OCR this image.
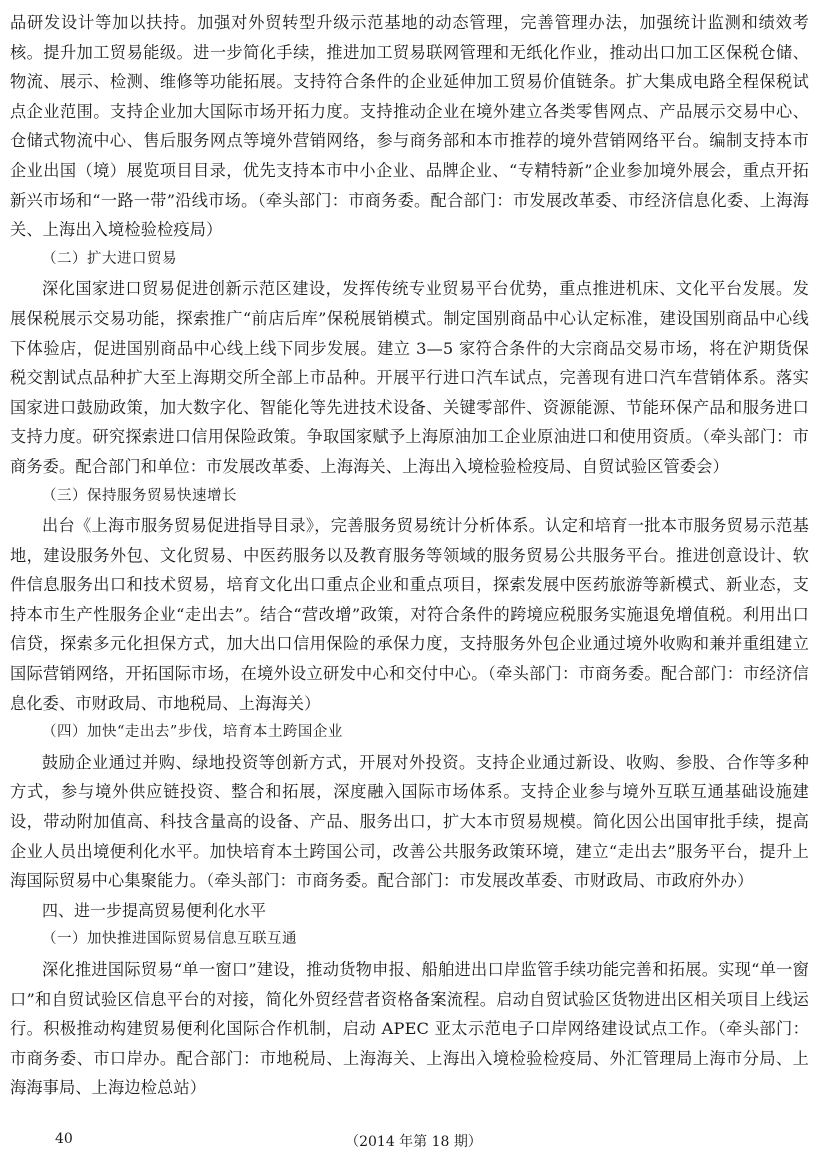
品研发设计等加以扶持。加强对外贸转型升级示范基地的动态管理，完善管理办法，加强统计监测和绩效考核。提升加工贸易能级。进一步简化手续，推进加工贸易联网管理和无纸化作业，推动出口加工区保税仓储、物流、展示、检测、维修等功能拓展。支持符合条件的企业延伸加工贸易价值链条。扩大集成电路全程保税试点企业范围。支持企业加大国际市场开拓力度。支持推动企业在境外建立各类零售网点、产品展示交易中心、仓储式物流中心、售后服务网点等境外营销网络，参与商务部和本市推荐的境外营销网络平台。编制支持本市企业出国（境）展览项目目录，优先支持本市中小企业、品牌企业、“专精特新”企业参加境外展会，重点开拓新兴市场和“一路一带”沿线市场。（牵头部门：市商务委。配合部门：市发展改革委、市经济信息化委、上海海关、上海出入境检验检疫局）

（二）扩大进口贸易

深化国家进口贸易促进创新示范区建设，发挥传统专业贸易平台优势，重点推进机床、文化平台发展。发展保税展示交易功能，探索推广“前店后库”保税展销模式。制定国别商品中心认定标准，建设国别商品中心线下体验店，促进国别商品中心线上线下同步发展。建立 3—5 家符合条件的大宗商品交易市场，将在沪期货保税交割试点品种扩大至上海期交所全部上市品种。开展平行进口汽车试点，完善现有进口汽车营销体系。落实国家进口鼓励政策，加大数字化、智能化等先进技术设备、关键零部件、资源能源、节能环保产品和服务进口支持力度。研究探索进口信用保险政策。争取国家赋予上海原油加工企业原油进口和使用资质。（牵头部门：市商务委。配合部门和单位：市发展改革委、上海海关、上海出入境检验检疫局、自贸试验区管委会）

（三）保持服务贸易快速增长

出台《上海市服务贸易促进指导目录》，完善服务贸易统计分析体系。认定和培育一批本市服务贸易示范基地，建设服务外包、文化贸易、中医药服务以及教育服务等领域的服务贸易公共服务平台。推进创意设计、软件信息服务出口和技术贸易，培育文化出口重点企业和重点项目，探索发展中医药旅游等新模式、新业态，支持本市生产性服务企业“走出去”。结合“营改增”政策，对符合条件的跨境应税服务实施退免增值税。利用出口信贷，探索多元化担保方式，加大出口信用保险的承保力度，支持服务外包企业通过境外收购和兼并重组建立国际营销网络，开拓国际市场，在境外设立研发中心和交付中心。（牵头部门：市商务委。配合部门：市经济信息化委、市财政局、市地税局、上海海关）

（四）加快“走出去”步伐，培育本土跨国企业

鼓励企业通过并购、绿地投资等创新方式，开展对外投资。支持企业通过新设、收购、参股、合作等多种方式，参与境外供应链投资、整合和拓展，深度融入国际市场体系。支持企业参与境外互联互通基础设施建设，带动附加值高、科技含量高的设备、产品、服务出口，扩大本市贸易规模。简化因公出国审批手续，提高企业人员出境便利化水平。加快培育本土跨国公司，改善公共服务政策环境，建立“走出去”服务平台，提升上海国际贸易中心集聚能力。（牵头部门：市商务委。配合部门：市发展改革委、市财政局、市政府外办）

四、进一步提高贸易便利化水平

（一）加快推进国际贸易信息互联互通

深化推进国际贸易“单一窗口”建设，推动货物申报、船舶进出口岸监管手续功能完善和拓展。实现“单一窗口”和自贸试验区信息平台的对接，简化外贸经营者资格备案流程。启动自贸试验区货物进出区相关项目上线运行。积极推动构建贸易便利化国际合作机制，启动 APEC 亚太示范电子口岸网络建设试点工作。（牵头部门：市商务委、市口岸办。配合部门：市地税局、上海海关、上海出入境检验检疫局、外汇管理局上海市分局、上海海事局、上海边检总站）

40	（2014 年第 18 期）
